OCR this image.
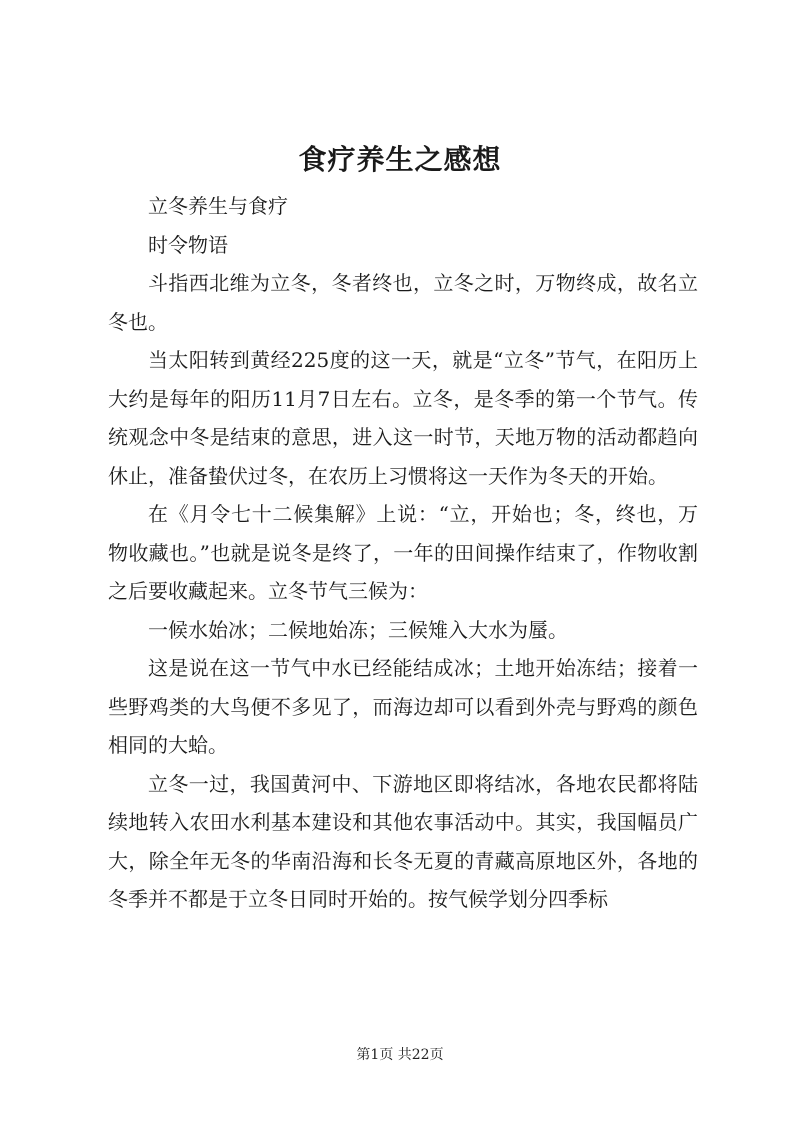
食疗养生之感想

立冬养生与食疗

时令物语

斗指西北维为立冬，冬者终也，立冬之时，万物终成，故名立冬也。

当太阳转到黄经225度的这一天，就是“立冬”节气，在阳历上大约是每年的阳历11月7日左右。立冬，是冬季的第一个节气。传统观念中冬是结束的意思，进入这一时节，天地万物的活动都趋向休止，准备蛰伏过冬，在农历上习惯将这一天作为冬天的开始。

在《月令七十二候集解》上说：“立，开始也；冬，终也，万物收藏也。”也就是说冬是终了，一年的田间操作结束了，作物收割之后要收藏起来。立冬节气三候为：

一候水始冰；二候地始冻；三候雉入大水为蜃。

这是说在这一节气中水已经能结成冰；土地开始冻结；接着一些野鸡类的大鸟便不多见了，而海边却可以看到外壳与野鸡的颜色相同的大蛤。

立冬一过，我国黄河中、下游地区即将结冰，各地农民都将陆续地转入农田水利基本建设和其他农事活动中。其实，我国幅员广大，除全年无冬的华南沿海和长冬无夏的青藏高原地区外，各地的冬季并不都是于立冬日同时开始的。按气候学划分四季标

第1页 共22页
